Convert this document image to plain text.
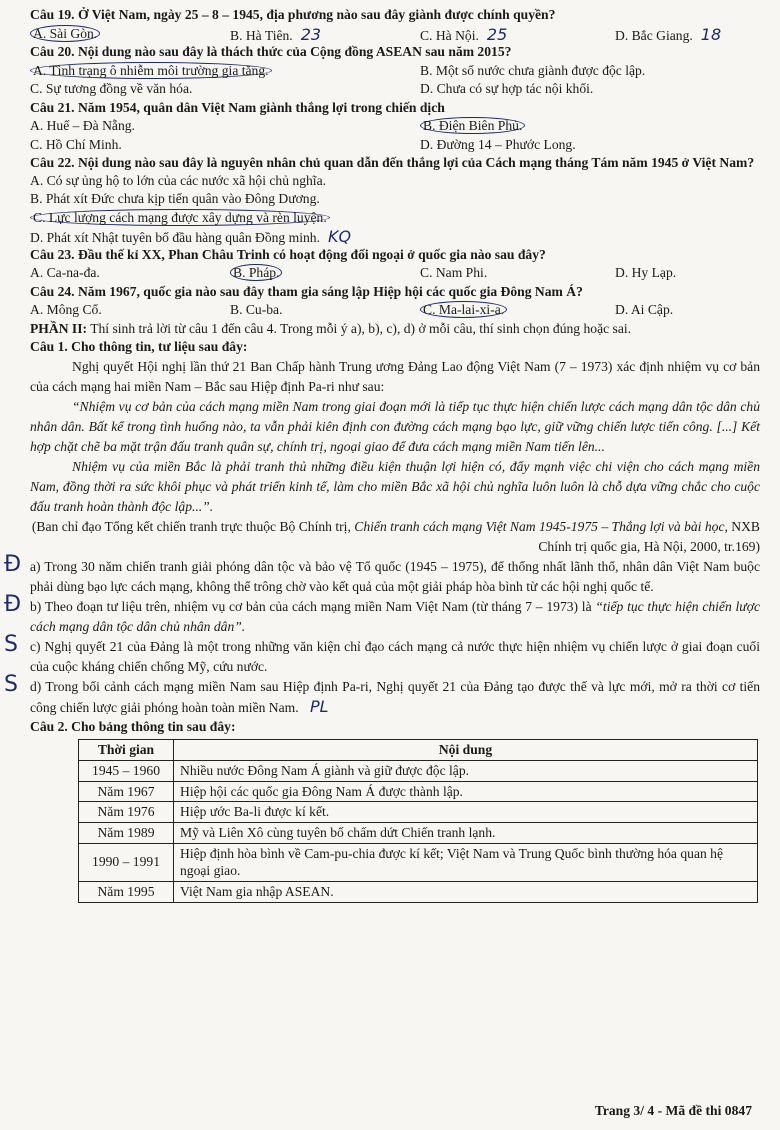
Câu 19. Ở Việt Nam, ngày 25 – 8 – 1945, địa phương nào sau đây giành được chính quyền?
A. Sài Gòn.	B. Hà Tiên. 23	C. Hà Nội. 25	D. Bắc Giang. 18
Câu 20. Nội dung nào sau đây là thách thức của Cộng đồng ASEAN sau năm 2015?
A. Tình trạng ô nhiễm môi trường gia tăng.	B. Một số nước chưa giành được độc lập.
C. Sự tương đồng về văn hóa.	D. Chưa có sự hợp tác nội khối.
Câu 21. Năm 1954, quân dân Việt Nam giành thắng lợi trong chiến dịch
A. Huế – Đà Nẵng.	B. Điện Biên Phủ.
C. Hồ Chí Minh.	D. Đường 14 – Phước Long.
Câu 22. Nội dung nào sau đây là nguyên nhân chủ quan dẫn đến thắng lợi của Cách mạng tháng Tám năm 1945 ở Việt Nam?
A. Có sự ủng hộ to lớn của các nước xã hội chủ nghĩa.
B. Phát xít Đức chưa kịp tiến quân vào Đông Dương.
C. Lực lượng cách mạng được xây dựng và rèn luyện.
D. Phát xít Nhật tuyên bố đầu hàng quân Đồng minh. KQ
Câu 23. Đầu thế kỉ XX, Phan Châu Trinh có hoạt động đối ngoại ở quốc gia nào sau đây?
A. Ca-na-đa.	B. Pháp.	C. Nam Phi.	D. Hy Lạp.
Câu 24. Năm 1967, quốc gia nào sau đây tham gia sáng lập Hiệp hội các quốc gia Đông Nam Á?
A. Mông Cổ.	B. Cu-ba.	C. Ma-lai-xi-a.	D. Ai Cập.
PHẦN II: Thí sinh trả lời từ câu 1 đến câu 4. Trong mỗi ý a), b), c), d) ở mỗi câu, thí sinh chọn đúng hoặc sai.
Câu 1. Cho thông tin, tư liệu sau đây:
Nghị quyết Hội nghị lần thứ 21 Ban Chấp hành Trung ương Đảng Lao động Việt Nam (7 – 1973) xác định nhiệm vụ cơ bản của cách mạng hai miền Nam – Bắc sau Hiệp định Pa-ri như sau:
“Nhiệm vụ cơ bản của cách mạng miền Nam trong giai đoạn mới là tiếp tục thực hiện chiến lược cách mạng dân tộc dân chủ nhân dân. Bất kể trong tình huống nào, ta vẫn phải kiên định con đường cách mạng bạo lực, giữ vững chiến lược tiến công. [...] Kết hợp chặt chẽ ba mặt trận đấu tranh quân sự, chính trị, ngoại giao để đưa cách mạng miền Nam tiến lên...
Nhiệm vụ của miền Bắc là phải tranh thủ những điều kiện thuận lợi hiện có, đẩy mạnh việc chi viện cho cách mạng miền Nam, đồng thời ra sức khôi phục và phát triển kinh tế, làm cho miền Bắc xã hội chủ nghĩa luôn luôn là chỗ dựa vững chắc cho cuộc đấu tranh hoàn thành độc lập...”.
(Ban chỉ đạo Tổng kết chiến tranh trực thuộc Bộ Chính trị, Chiến tranh cách mạng Việt Nam 1945-1975 – Thắng lợi và bài học, NXB Chính trị quốc gia, Hà Nội, 2000, tr.169)
Đ a) Trong 30 năm chiến tranh giải phóng dân tộc và bảo vệ Tổ quốc (1945 – 1975), để thống nhất lãnh thổ, nhân dân Việt Nam buộc phải dùng bạo lực cách mạng, không thể trông chờ vào kết quả của một giải pháp hòa bình từ các hội nghị quốc tế.
Đ b) Theo đoạn tư liệu trên, nhiệm vụ cơ bản của cách mạng miền Nam Việt Nam (từ tháng 7 – 1973) là “tiếp tục thực hiện chiến lược cách mạng dân tộc dân chủ nhân dân”.
S c) Nghị quyết 21 của Đảng là một trong những văn kiện chỉ đạo cách mạng cả nước thực hiện nhiệm vụ chiến lược ở giai đoạn cuối của cuộc kháng chiến chống Mỹ, cứu nước.
S d) Trong bối cảnh cách mạng miền Nam sau Hiệp định Pa-ri, Nghị quyết 21 của Đảng tạo được thế và lực mới, mở ra thời cơ tiến công chiến lược giải phóng hoàn toàn miền Nam. PL
Câu 2. Cho bảng thông tin sau đây:
Thời gian	Nội dung
1945 – 1960	Nhiều nước Đông Nam Á giành và giữ được độc lập.
Năm 1967	Hiệp hội các quốc gia Đông Nam Á được thành lập.
Năm 1976	Hiệp ước Ba-li được kí kết.
Năm 1989	Mỹ và Liên Xô cùng tuyên bố chấm dứt Chiến tranh lạnh.
1990 – 1991	Hiệp định hòa bình về Cam-pu-chia được kí kết; Việt Nam và Trung Quốc bình thường hóa quan hệ ngoại giao.
Năm 1995	Việt Nam gia nhập ASEAN.
Trang 3/ 4 - Mã đề thi 0847
